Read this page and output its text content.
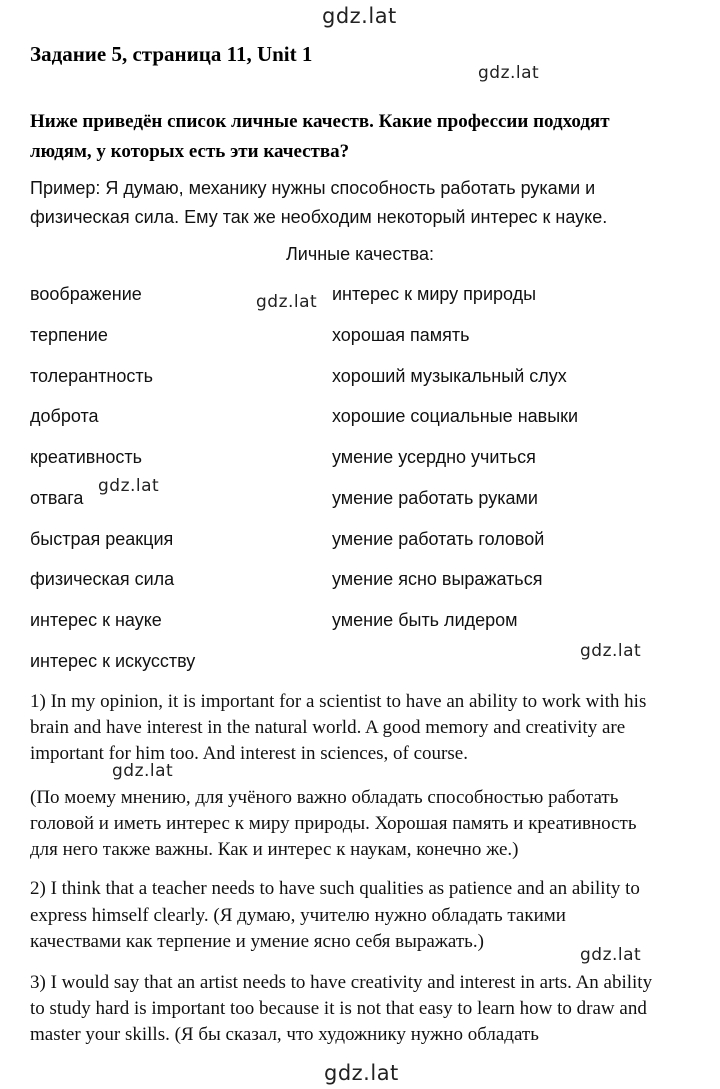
gdz.lat
gdz.lat
gdz.lat
gdz.lat
gdz.lat
gdz.lat
gdz.lat
gdz.lat
Задание 5, страница 11, Unit 1
Ниже приведён список личные качеств. Какие профессии подходят
людям, у которых есть эти качества?
Пример: Я думаю, механику нужны способность работать руками и
физическая сила. Ему так же необходим некоторый интерес к науке.
Личные качества:
воображение
терпение
толерантность
доброта
креативность
отвага
быстрая реакция
физическая сила
интерес к науке
интерес к искусству
интерес к миру природы
хорошая память
хороший музыкальный слух
хорошие социальные навыки
умение усердно учиться
умение работать руками
умение работать головой
умение ясно выражаться
умение быть лидером
1) In my opinion, it is important for a scientist to have an ability to work with his
brain and have interest in the natural world. A good memory and creativity are
important for him too. And interest in sciences, of course.
(По моему мнению, для учёного важно обладать способностью работать
головой и иметь интерес к миру природы. Хорошая память и креативность
для него также важны. Как и интерес к наукам, конечно же.)
2) I think that a teacher needs to have such qualities as patience and an ability to
express himself clearly. (Я думаю, учителю нужно обладать такими
качествами как терпение и умение ясно себя выражать.)
3) I would say that an artist needs to have creativity and interest in arts. An ability
to study hard is important too because it is not that easy to learn how to draw and
master your skills. (Я бы сказал, что художнику нужно обладать
